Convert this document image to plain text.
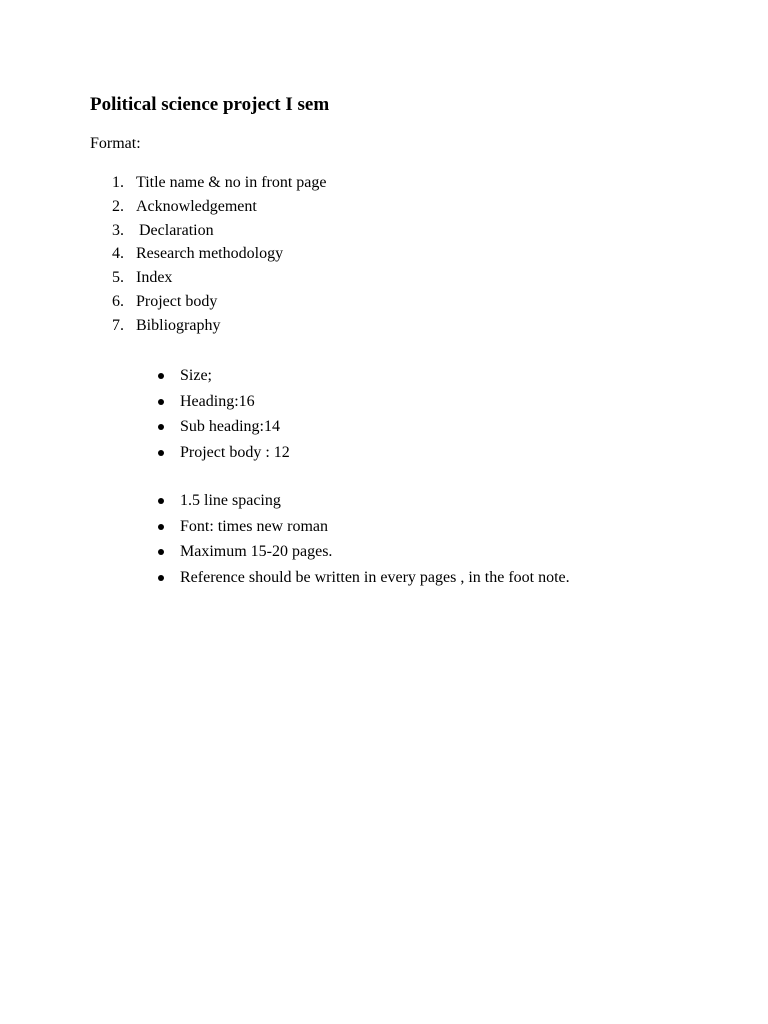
Political science project I sem

Format:

1. Title name & no in front page
2. Acknowledgement
3. Declaration
4. Research methodology
5. Index
6. Project body
7. Bibliography
Size;
Heading:16
Sub heading:14
Project body : 12
1.5 line spacing
Font: times new roman
Maximum 15-20 pages.
Reference should be written in every pages , in the foot note.
